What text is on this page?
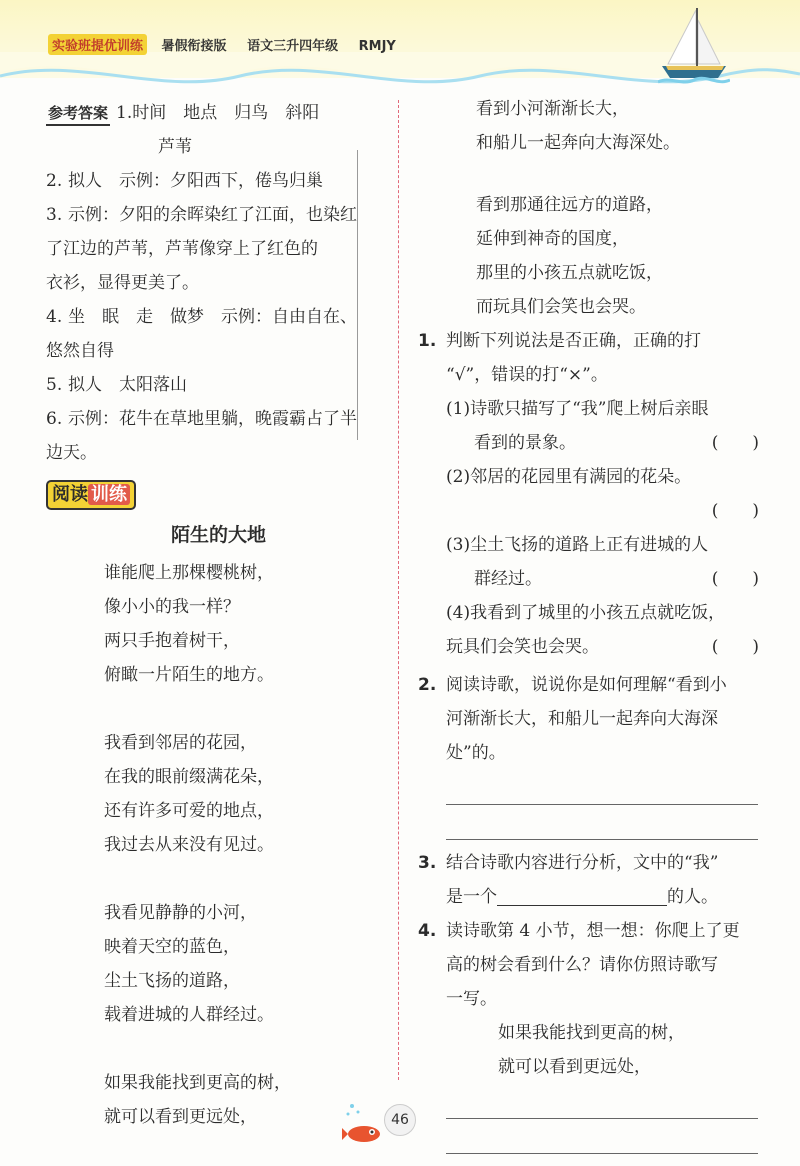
实验班提优训练 暑假衔接版 语文三升四年级 RMJY
参考答案 1.时间　地点　归鸟　斜阳
芦苇
2. 拟人　示例：夕阳西下，倦鸟归巢
3. 示例：夕阳的余晖染红了江面，也染红
了江边的芦苇，芦苇像穿上了红色的
衣衫，显得更美了。
4. 坐　眠　走　做梦　示例：自由自在、
悠然自得
5. 拟人　太阳落山
6. 示例：花牛在草地里躺，晚霞霸占了半
边天。
阅读 训练
陌生的大地
谁能爬上那棵樱桃树，
像小小的我一样？
两只手抱着树干，
俯瞰一片陌生的地方。
我看到邻居的花园，
在我的眼前缀满花朵，
还有许多可爱的地点，
我过去从来没有见过。
我看见静静的小河，
映着天空的蓝色，
尘土飞扬的道路，
载着进城的人群经过。
如果我能找到更高的树，
就可以看到更远处，
看到小河渐渐长大，
和船儿一起奔向大海深处。
看到那通往远方的道路，
延伸到神奇的国度，
那里的小孩五点就吃饭，
而玩具们会笑也会哭。
1. 判断下列说法是否正确，正确的打
“√”，错误的打“×”。
(1)诗歌只描写了“我”爬上树后亲眼
看到的景象。	(　　)
(2)邻居的花园里有满园的花朵。
(　　)

(3)尘土飞扬的道路上正有进城的人
群经过。	(　　)
(4)我看到了城里的小孩五点就吃饭，
玩具们会笑也会哭。	(　　)
2. 阅读诗歌，说说你是如何理解“看到小
河渐渐长大，和船儿一起奔向大海深
处”的。
3. 结合诗歌内容进行分析，文中的“我”
是一个	的人。
4. 读诗歌第 4 小节，想一想：你爬上了更
高的树会看到什么？请你仿照诗歌写
一写。
如果我能找到更高的树，
就可以看到更远处，
46
